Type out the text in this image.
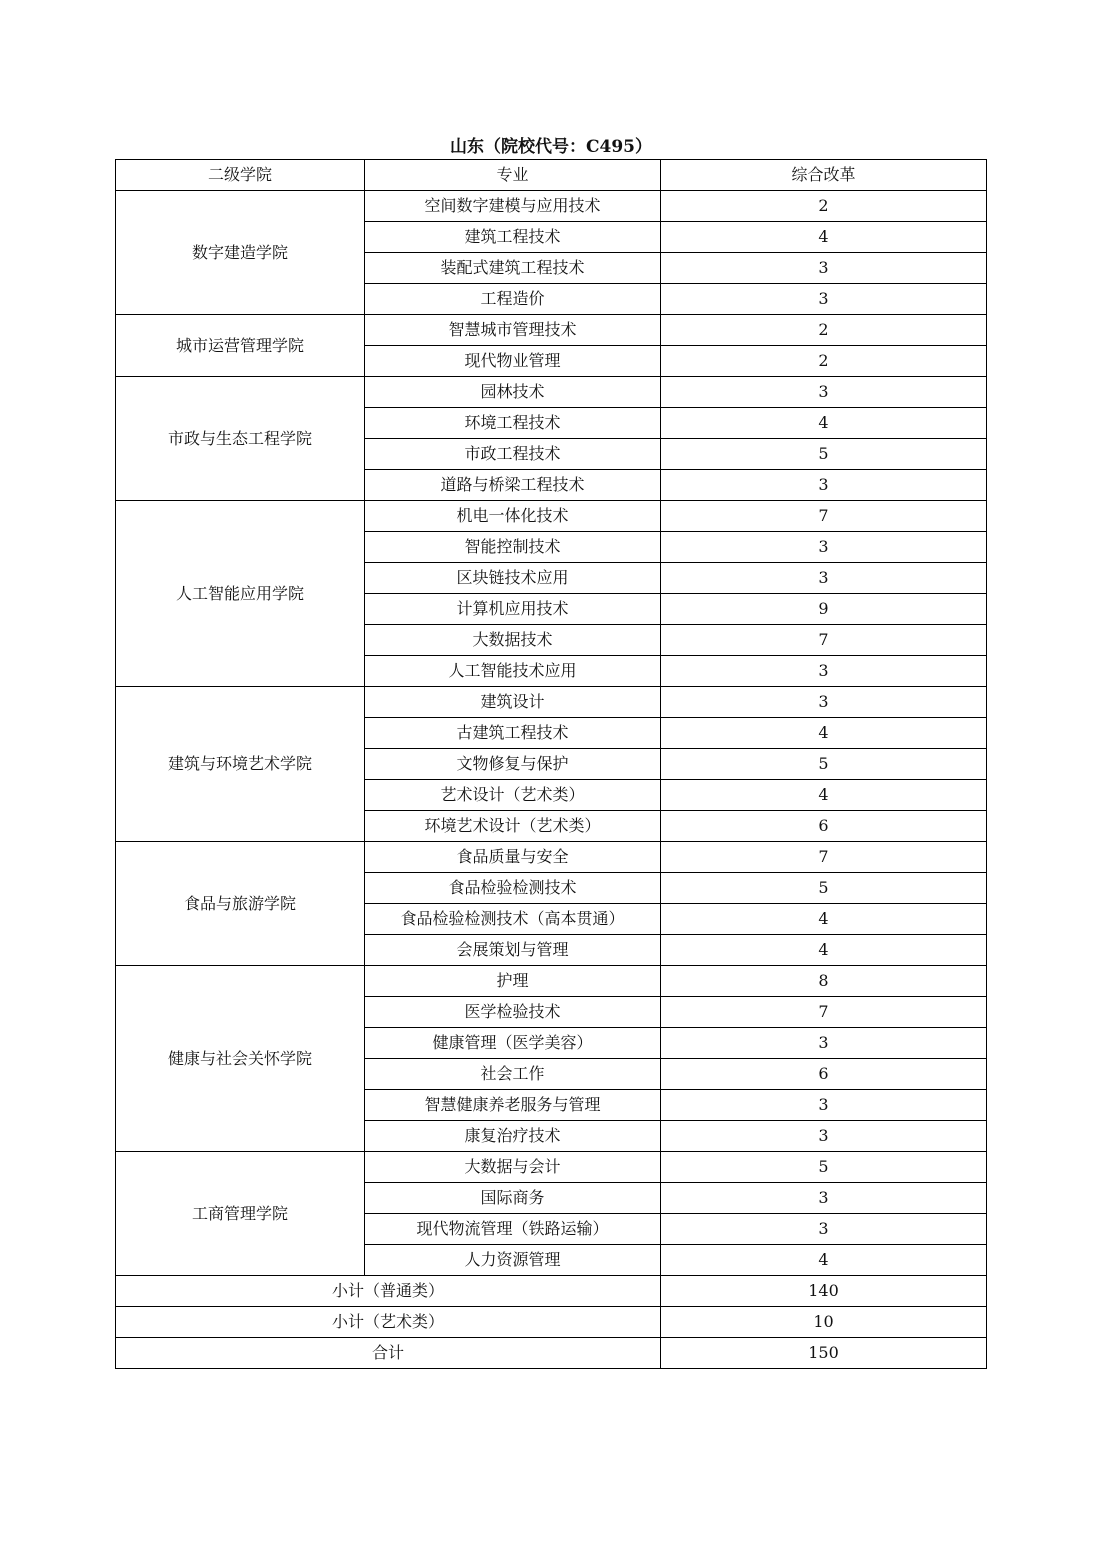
山东（院校代号：C495）
二级学院	专业	综合改革
数字建造学院	空间数字建模与应用技术	2
	建筑工程技术	4
	装配式建筑工程技术	3
	工程造价	3
城市运营管理学院	智慧城市管理技术	2
	现代物业管理	2
市政与生态工程学院	园林技术	3
	环境工程技术	4
	市政工程技术	5
	道路与桥梁工程技术	3
人工智能应用学院	机电一体化技术	7
	智能控制技术	3
	区块链技术应用	3
	计算机应用技术	9
	大数据技术	7
	人工智能技术应用	3
建筑与环境艺术学院	建筑设计	3
	古建筑工程技术	4
	文物修复与保护	5
	艺术设计（艺术类）	4
	环境艺术设计（艺术类）	6
食品与旅游学院	食品质量与安全	7
	食品检验检测技术	5
	食品检验检测技术（高本贯通）	4
	会展策划与管理	4
健康与社会关怀学院	护理	8
	医学检验技术	7
	健康管理（医学美容）	3
	社会工作	6
	智慧健康养老服务与管理	3
	康复治疗技术	3
工商管理学院	大数据与会计	5
	国际商务	3
	现代物流管理（铁路运输）	3
	人力资源管理	4
小计（普通类）		140
小计（艺术类）		10
合计		150
